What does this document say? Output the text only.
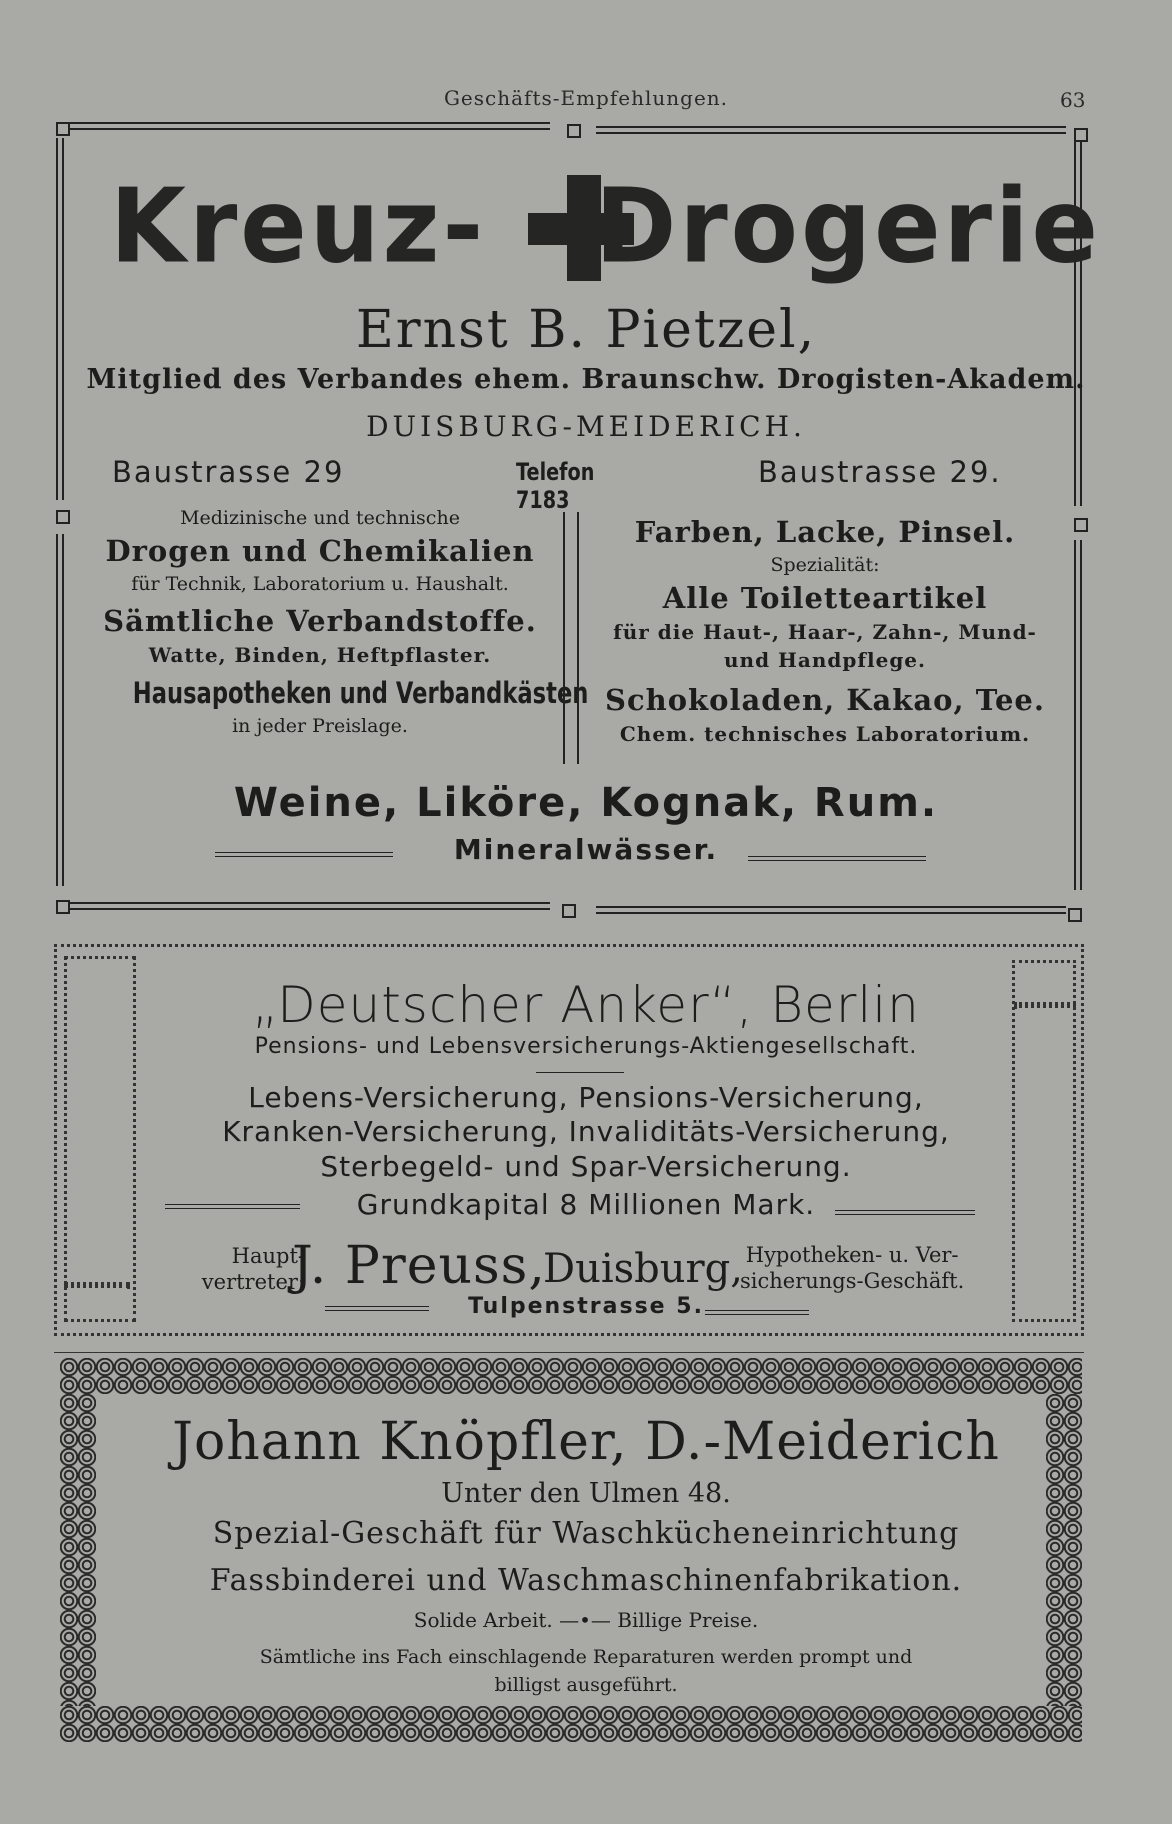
Geschäfts-Empfehlungen.	63
Kreuz- Drogerie
Ernst B. Pietzel,
Mitglied des Verbandes ehem. Braunschw. Drogisten-Akadem.
DUISBURG-MEIDERICH.
Baustrasse 29	Telefon 7183
Baustrasse 29.
Medizinische und technische
Drogen und Chemikalien
für Technik, Laboratorium u. Haushalt.
Sämtliche Verbandstoffe.
Watte, Binden, Heftpflaster.
Hausapotheken und Verbandkästen
in jeder Preislage.
Farben, Lacke, Pinsel.
Spezialität:
Alle Toiletteartikel
für die Haut-, Haar-, Zahn-, Mund-
und Handpflege.
Schokoladen, Kakao, Tee.
Chem. technisches Laboratorium.
Weine, Liköre, Kognak, Rum.
Mineralwässer.
„Deutscher Anker“, Berlin
Pensions- und Lebensversicherungs-Aktiengesellschaft.
Lebens-Versicherung, Pensions-Versicherung,
Kranken-Versicherung, Invaliditäts-Versicherung,
Sterbegeld- und Spar-Versicherung.
Grundkapital 8 Millionen Mark.
Haupt-
vertreter:
J. Preuss,
Duisburg, Hypotheken- u. Ver-
sicherungs-Geschäft.
Tulpenstrasse 5.
Johann Knöpfler, D.-Meiderich
Unter den Ulmen 48.
Spezial-Geschäft für Waschkücheneinrichtung
Fassbinderei und Waschmaschinenfabrikation.
Solide Arbeit. —•— Billige Preise.
Sämtliche ins Fach einschlagende Reparaturen werden prompt und
billigst ausgeführt.
